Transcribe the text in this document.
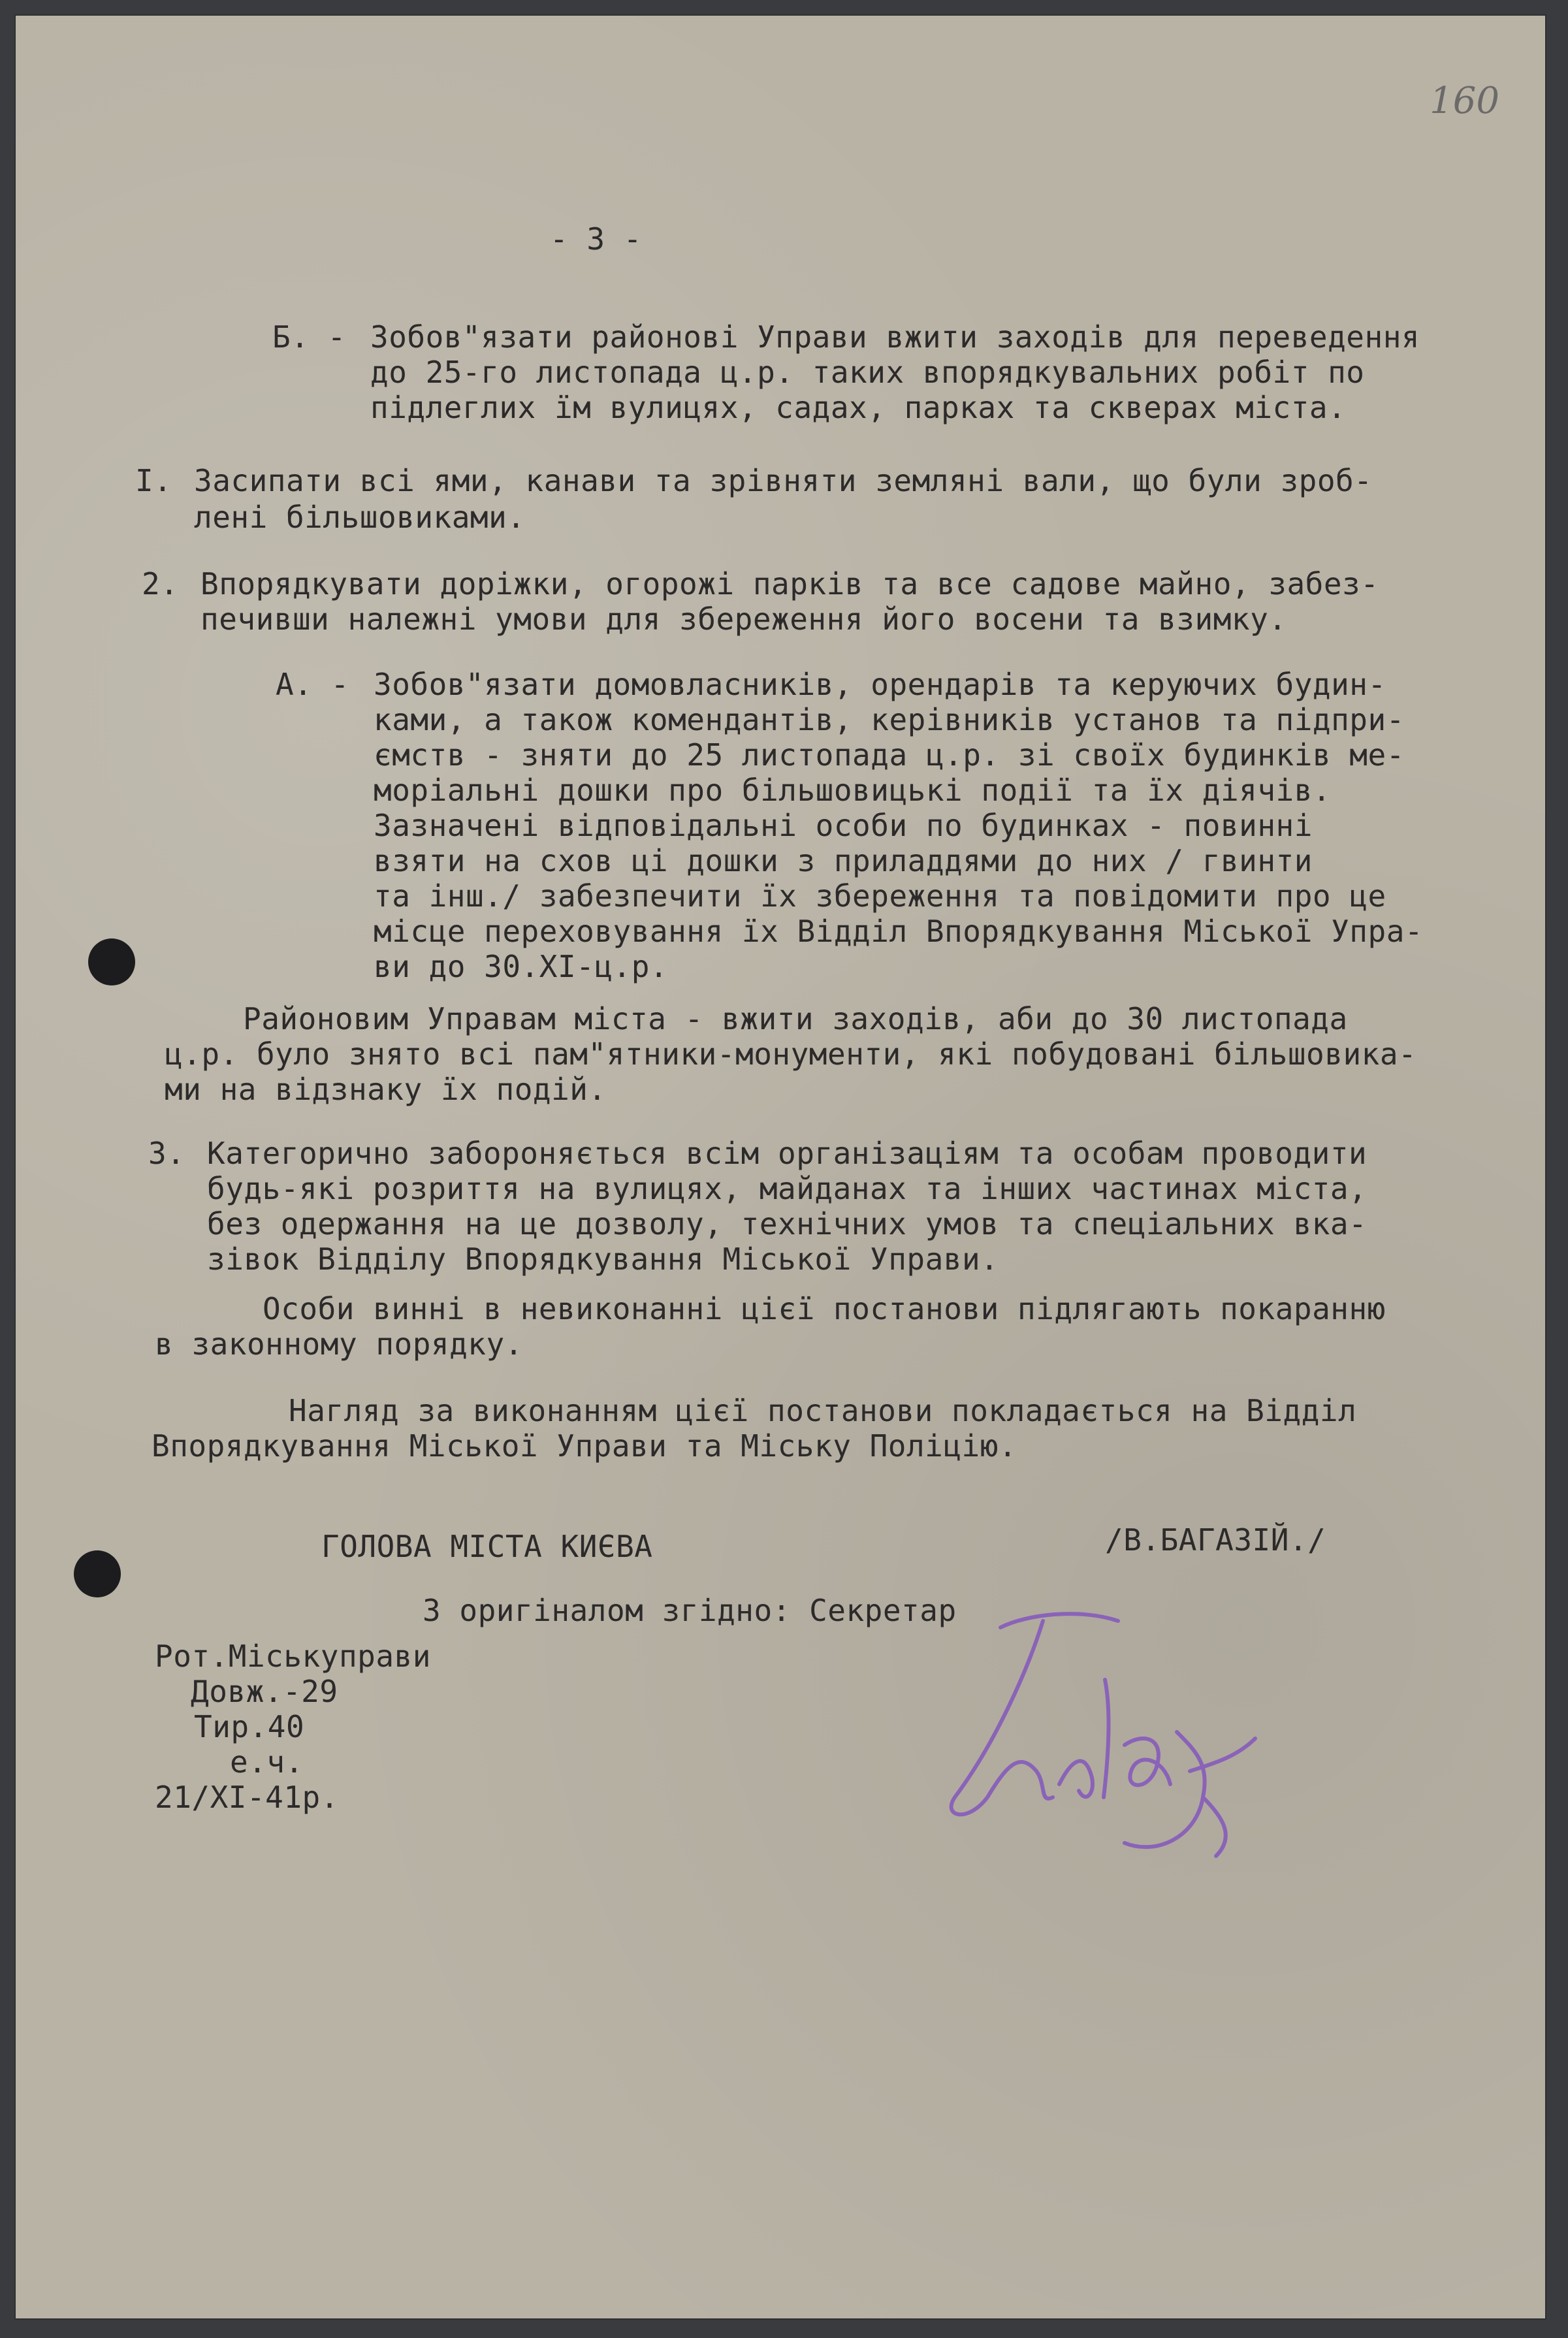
160
- 3 -
Б. - Зобов"язати районові Управи вжити заходів для переведення
до 25-го листопада ц.р. таких впорядкувальних робіт по
підлеглих їм вулицях, садах, парках та скверах міста.
І. Засипати всі ями, канави та зрівняти земляні вали, що були зроб-
лені більшовиками.
2. Впорядкувати доріжки, огорожі парків та все садове майно, забез-
печивши належні умови для збереження його восени та взимку.
А. - Зобов"язати домовласників, орендарів та керуючих будин-
ками, а також комендантів, керівників установ та підпри-
ємств - зняти до 25 листопада ц.р. зі своїх будинків ме-
моріальні дошки про більшовицькі події та їх діячів.
Зазначені відповідальні особи по будинках - повинні
взяти на схов ці дошки з приладдями до них / гвинти
та інш./ забезпечити їх збереження та повідомити про це
місце переховування їх Відділ Впорядкування Міської Упра-
ви до 30.XI-ц.р.
Районовим Управам міста - вжити заходів, аби до 30 листопада
ц.р. було знято всі пам"ятники-монументи, які побудовані більшовика-
ми на відзнаку їх подій.
3. Категорично забороняється всім організаціям та особам проводити
будь-які розриття на вулицях, майданах та інших частинах міста,
без одержання на це дозволу, технічних умов та спеціальних вка-
зівок Відділу Впорядкування Міської Управи.
Особи винні в невиконанні цієї постанови підлягають покаранню
в законному порядку.
Нагляд за виконанням цієї постанови покладається на Відділ
Впорядкування Міської Управи та Міську Поліцію.
ГОЛОВА МІСТА КИЄВА	/В.БАГАЗІЙ./
З оригіналом згідно: Секретар
Рот.Міськуправи
Довж.-29
Тир.40
е.ч.
21/XI-41р.
